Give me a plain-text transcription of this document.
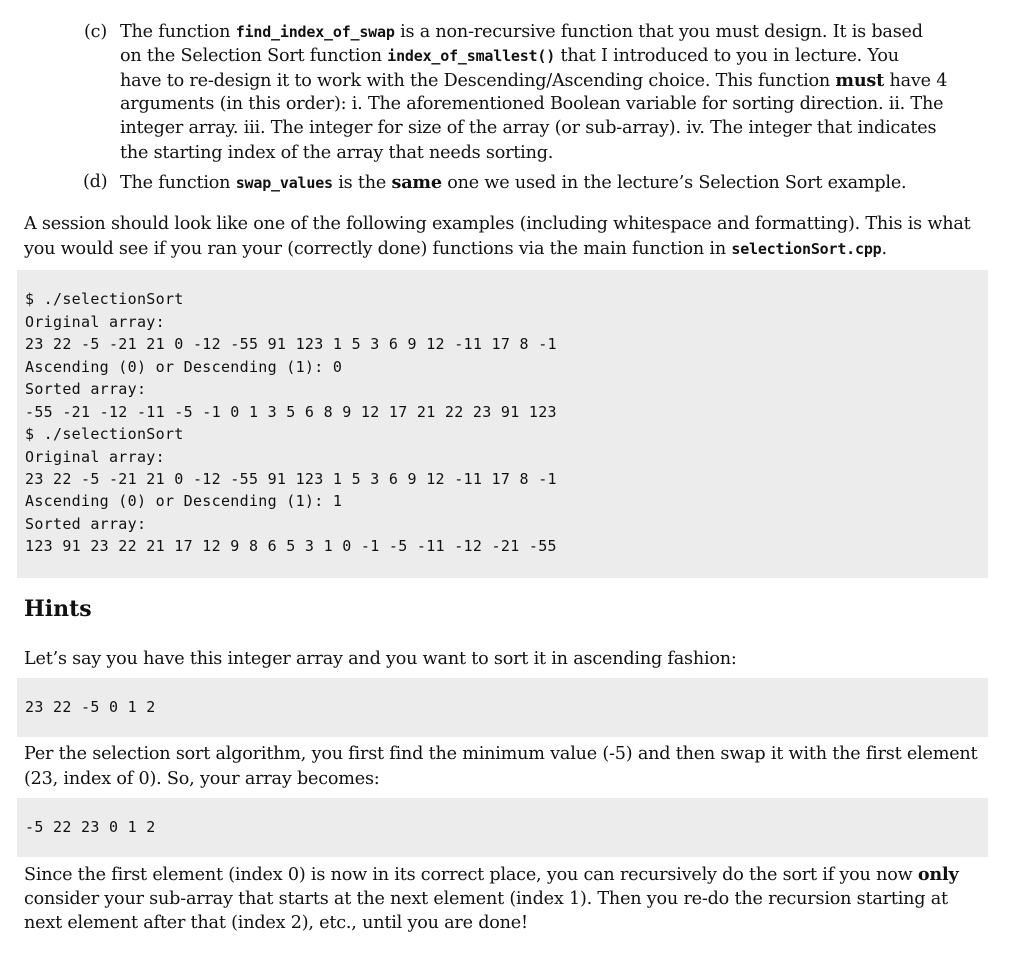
(c) The function find_index_of_swap is a non-recursive function that you must design. It is based
on the Selection Sort function index_of_smallest() that I introduced to you in lecture. You
have to re-design it to work with the Descending/Ascending choice. This function must have 4
arguments (in this order): i. The aforementioned Boolean variable for sorting direction. ii. The
integer array. iii. The integer for size of the array (or sub-array). iv. The integer that indicates
the starting index of the array that needs sorting.
(d) The function swap_values is the same one we used in the lecture’s Selection Sort example.
A session should look like one of the following examples (including whitespace and formatting). This is what
you would see if you ran your (correctly done) functions via the main function in selectionSort.cpp.
$ ./selectionSort
Original array:
23 22 -5 -21 21 0 -12 -55 91 123 1 5 3 6 9 12 -11 17 8 -1
Ascending (0) or Descending (1): 0
Sorted array:
-55 -21 -12 -11 -5 -1 0 1 3 5 6 8 9 12 17 21 22 23 91 123
$ ./selectionSort
Original array:
23 22 -5 -21 21 0 -12 -55 91 123 1 5 3 6 9 12 -11 17 8 -1
Ascending (0) or Descending (1): 1
Sorted array:
123 91 23 22 21 17 12 9 8 6 5 3 1 0 -1 -5 -11 -12 -21 -55
Hints
Let’s say you have this integer array and you want to sort it in ascending fashion:
23 22 -5 0 1 2
Per the selection sort algorithm, you first find the minimum value (-5) and then swap it with the first element
(23, index of 0). So, your array becomes:
-5 22 23 0 1 2
Since the first element (index 0) is now in its correct place, you can recursively do the sort if you now only
consider your sub-array that starts at the next element (index 1). Then you re-do the recursion starting at
next element after that (index 2), etc., until you are done!
